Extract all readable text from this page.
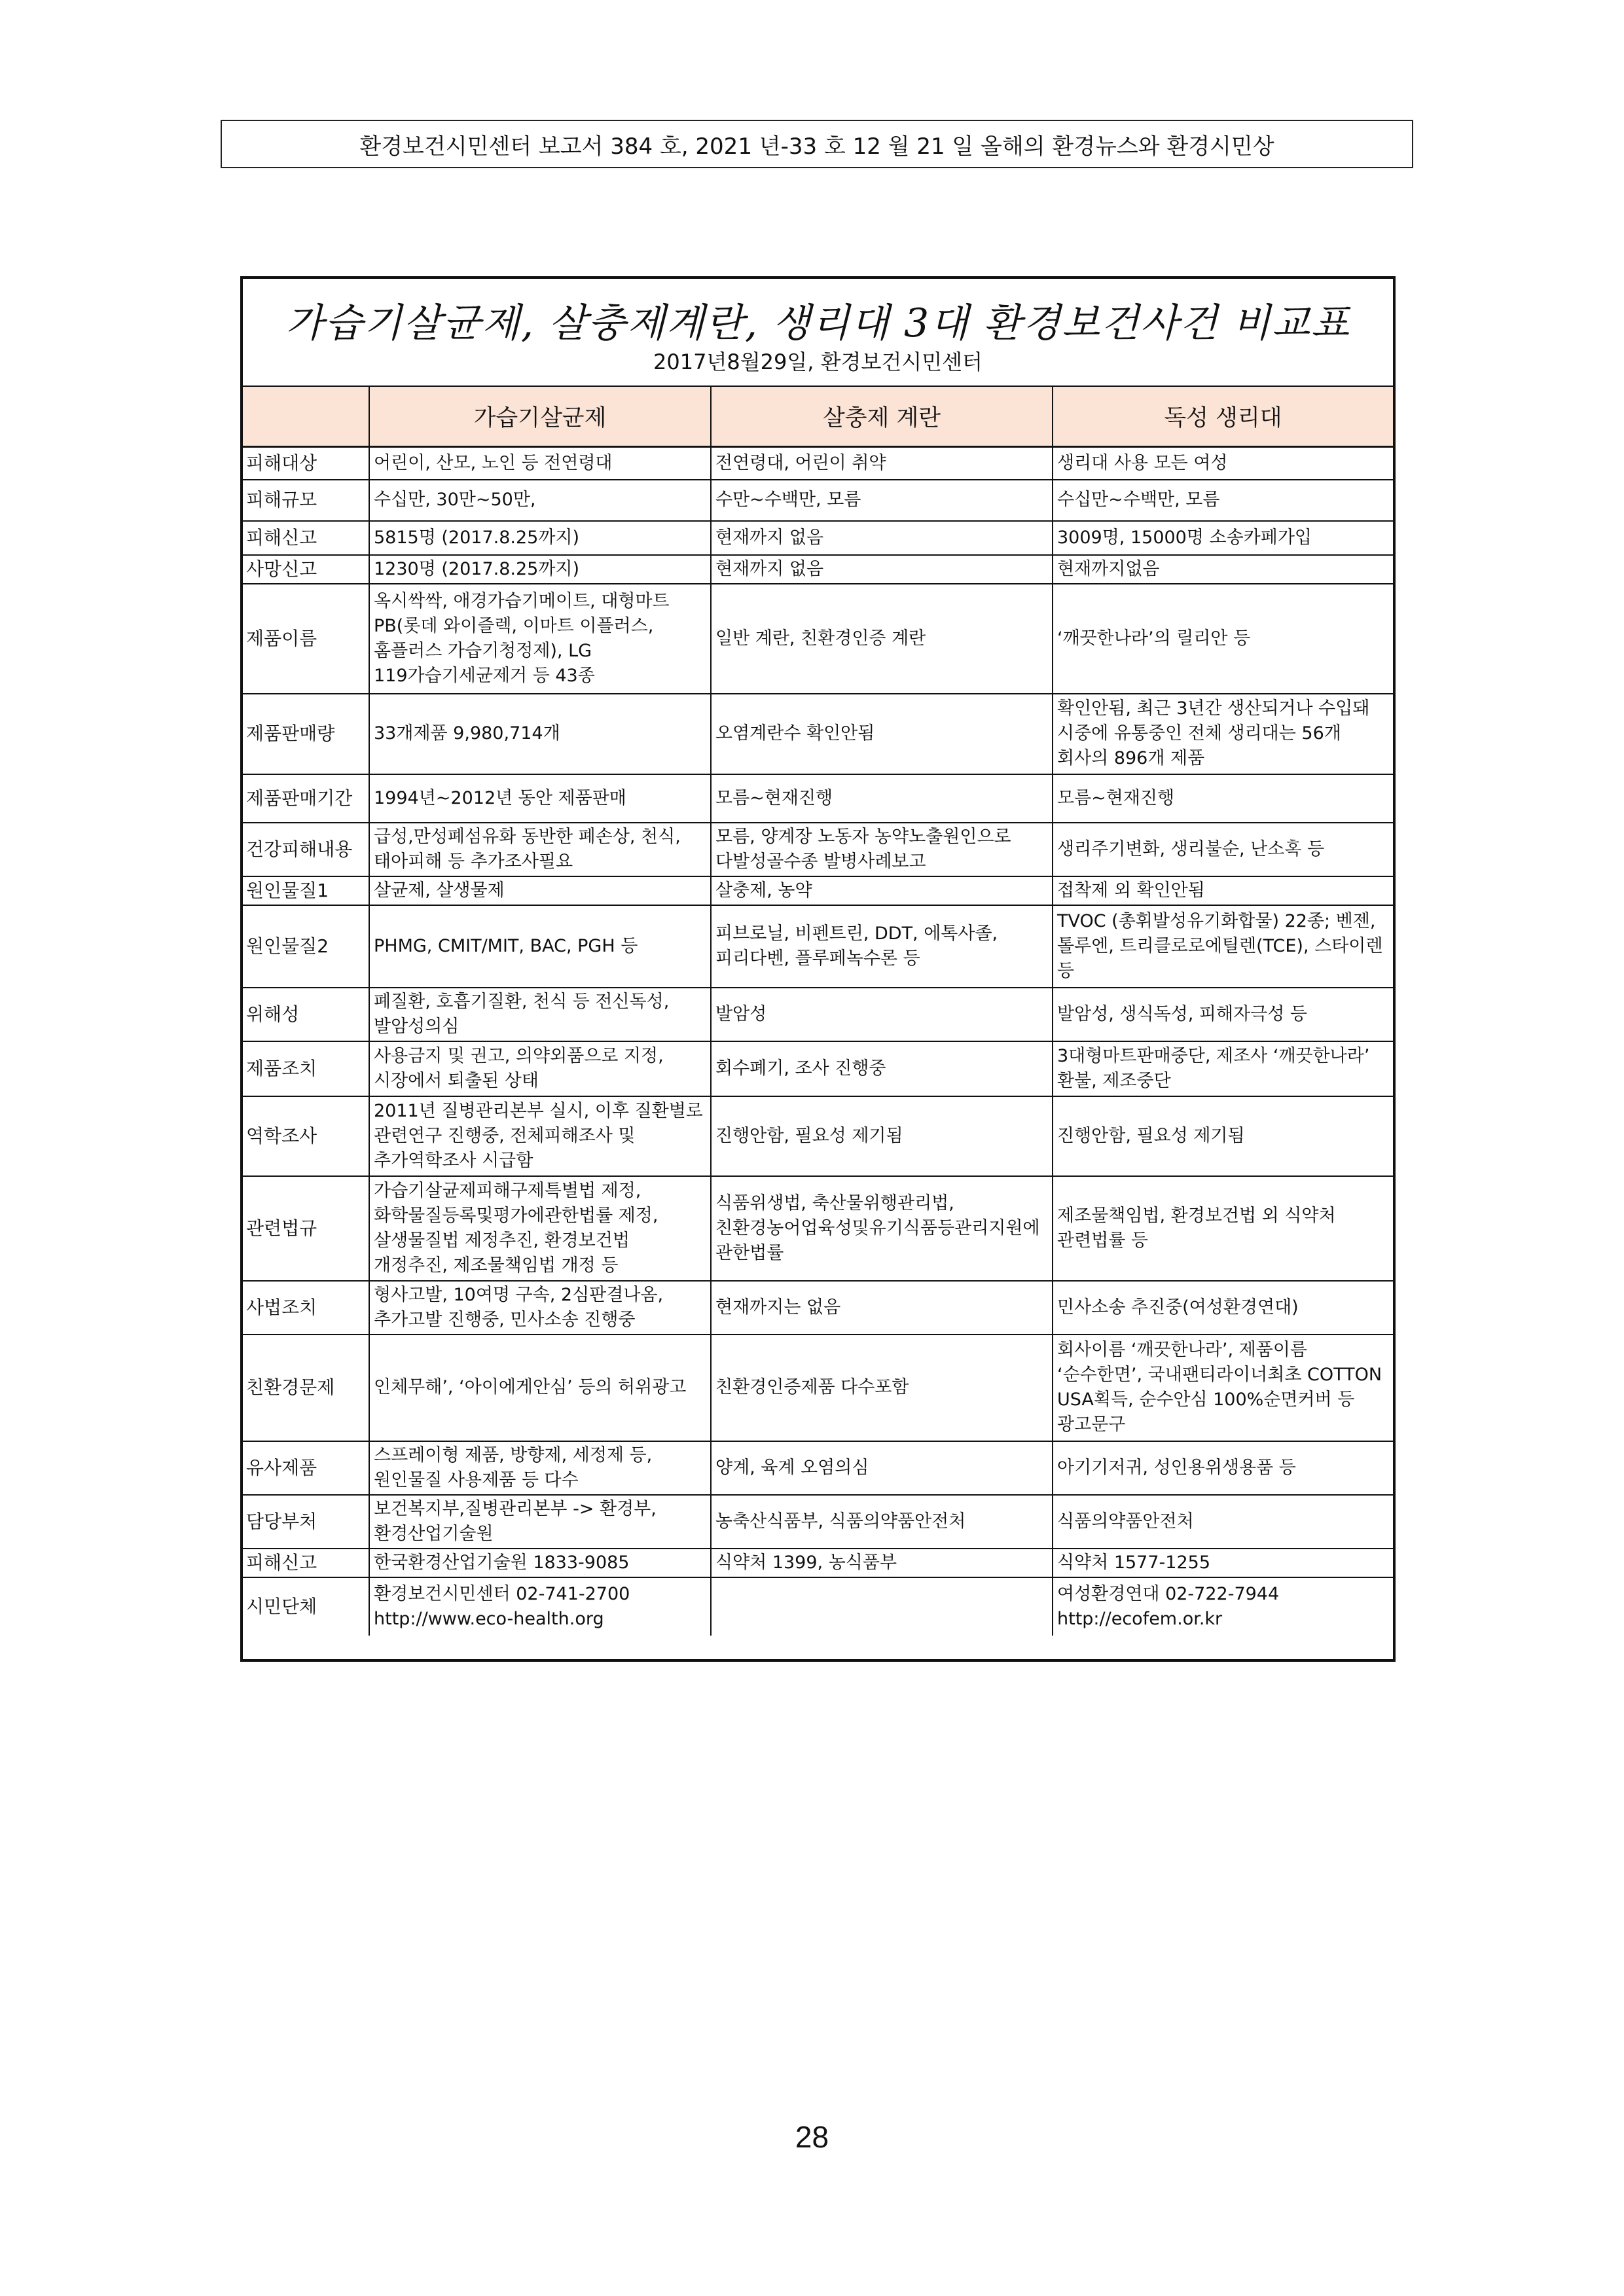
환경보건시민센터 보고서 384 호, 2021 년-33 호 12 월 21 일 올해의 환경뉴스와 환경시민상
가습기살균제, 살충제계란, 생리대 3대 환경보건사건 비교표
2017년8월29일, 환경보건시민센터
	가습기살균제	살충제 계란	독성 생리대
피해대상	어린이, 산모, 노인 등 전연령대	전연령대, 어린이 취약	생리대 사용 모든 여성
피해규모	수십만, 30만~50만,	수만~수백만, 모름	수십만~수백만, 모름
피해신고	5815명 (2017.8.25까지)	현재까지 없음	3009명, 15000명 소송카페가입
사망신고	1230명 (2017.8.25까지)	현재까지 없음	현재까지없음
제품이름	옥시싹싹, 애경가습기메이트, 대형마트 PB(롯데 와이즐렉, 이마트 이플러스, 홈플러스 가습기청정제), LG 119가습기세균제거 등 43종	일반 계란, 친환경인증 계란	‘깨끗한나라’의 릴리안 등
제품판매량	33개제품 9,980,714개	오염계란수 확인안됨	확인안됨, 최근 3년간 생산되거나 수입돼 시중에 유통중인 전체 생리대는 56개 회사의 896개 제품
제품판매기간	1994년~2012년 동안 제품판매	모름~현재진행	모름~현재진행
건강피해내용	급성,만성폐섬유화 동반한 폐손상, 천식, 태아피해 등 추가조사필요	모름, 양계장 노동자 농약노출원인으로 다발성골수종 발병사례보고	생리주기변화, 생리불순, 난소혹 등
원인물질1	살균제, 살생물제	살충제, 농약	접착제 외 확인안됨
원인물질2	PHMG, CMIT/MIT, BAC, PGH 등	피브로닐, 비펜트린, DDT, 에톡사졸, 피리다벤, 플루페녹수론 등	TVOC (총휘발성유기화합물) 22종; 벤젠, 톨루엔, 트리클로로에틸렌(TCE), 스타이렌 등
위해성	폐질환, 호흡기질환, 천식 등 전신독성, 발암성의심	발암성	발암성, 생식독성, 피해자극성 등
제품조치	사용금지 및 권고, 의약외품으로 지정, 시장에서 퇴출된 상태	회수폐기, 조사 진행중	3대형마트판매중단, 제조사 ‘깨끗한나라’ 환불, 제조중단
역학조사	2011년 질병관리본부 실시, 이후 질환별로 관련연구 진행중, 전체피해조사 및 추가역학조사 시급함	진행안함, 필요성 제기됨	진행안함, 필요성 제기됨
관련법규	가습기살균제피해구제특별법 제정, 화학물질등록및평가에관한법률 제정, 살생물질법 제정추진, 환경보건법 개정추진, 제조물책임법 개정 등	식품위생법, 축산물위행관리법, 친환경농어업육성및유기식품등관리지원에 관한법률	제조물책임법, 환경보건법 외 식약처 관련법률 등
사법조치	형사고발, 10여명 구속, 2심판결나옴, 추가고발 진행중, 민사소송 진행중	현재까지는 없음	민사소송 추진중(여성환경연대)
친환경문제	인체무해’, ‘아이에게안심’ 등의 허위광고	친환경인증제품 다수포함	회사이름 ‘깨끗한나라’, 제품이름 ‘순수한면’, 국내팬티라이너최초 COTTON USA획득, 순수안심 100%순면커버 등 광고문구
유사제품	스프레이형 제품, 방향제, 세정제 등, 원인물질 사용제품 등 다수	양계, 육계 오염의심	아기기저귀, 성인용위생용품 등
담당부처	보건복지부,질병관리본부 -> 환경부, 환경산업기술원	농축산식품부, 식품의약품안전처	식품의약품안전처
피해신고	한국환경산업기술원 1833-9085	식약처 1399, 농식품부	식약처 1577-1255
시민단체	환경보건시민센터 02-741-2700 http://www.eco-health.org		여성환경연대 02-722-7944 http://ecofem.or.kr
28
